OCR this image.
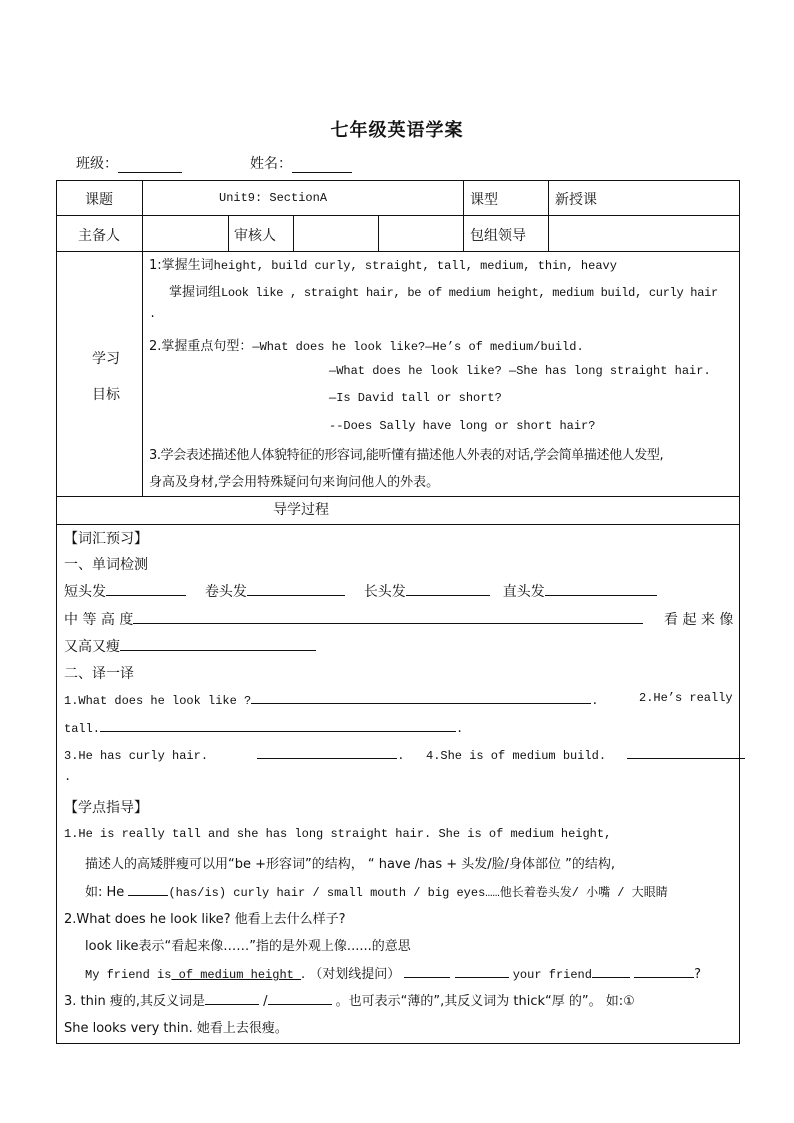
七年级英语学案
班级：	姓名：
课题	Unit9: SectionA	课型	新授课
主备人	审核人	包组领导
学习
目标
1:掌握生词height, build curly, straight, tall, medium, thin, heavy
掌握词组Look like , straight hair, be of medium height, medium build, curly hair
.
2.掌握重点句型：—What does he look like?—He’s of medium/build.
—What does he look like? —She has long straight hair.
—Is David tall or short?
--Does Sally have long or short hair?
3.学会表述描述他人体貌特征的形容词,能听懂有描述他人外表的对话,学会简单描述他人发型,
身高及身材,学会用特殊疑问句来询问他人的外表。
导学过程
【词汇预习】
一、单词检测
短头发	卷头发	长头发	直头发
中 等 高 度	看 起 来 像
又高又瘦
二、译一译
1.What does he look like ?	.	2.He’s really
tall.	.
3.He has curly hair.	. 4.She is of medium build.
.
【学点指导】
1.He is really tall and she has long straight hair. She is of medium height,
描述人的高矮胖瘦可以用“be +形容词”的结构， “ have /has + 头发/脸/身体部位 ”的结构,
如: He	(has/is) curly hair / small mouth / big eyes……他长着卷头发/ 小嘴 / 大眼睛
2.What does he look like? 他看上去什么样子?
look like表示“看起来像……”指的是外观上像......的意思
My friend is of medium height . （对划线提问）	your friend	?
3. thin 瘦的,其反义词是	/	。也可表示“薄的”,其反义词为 thick“厚 的”。 如:①
She looks very thin. 她看上去很瘦。
